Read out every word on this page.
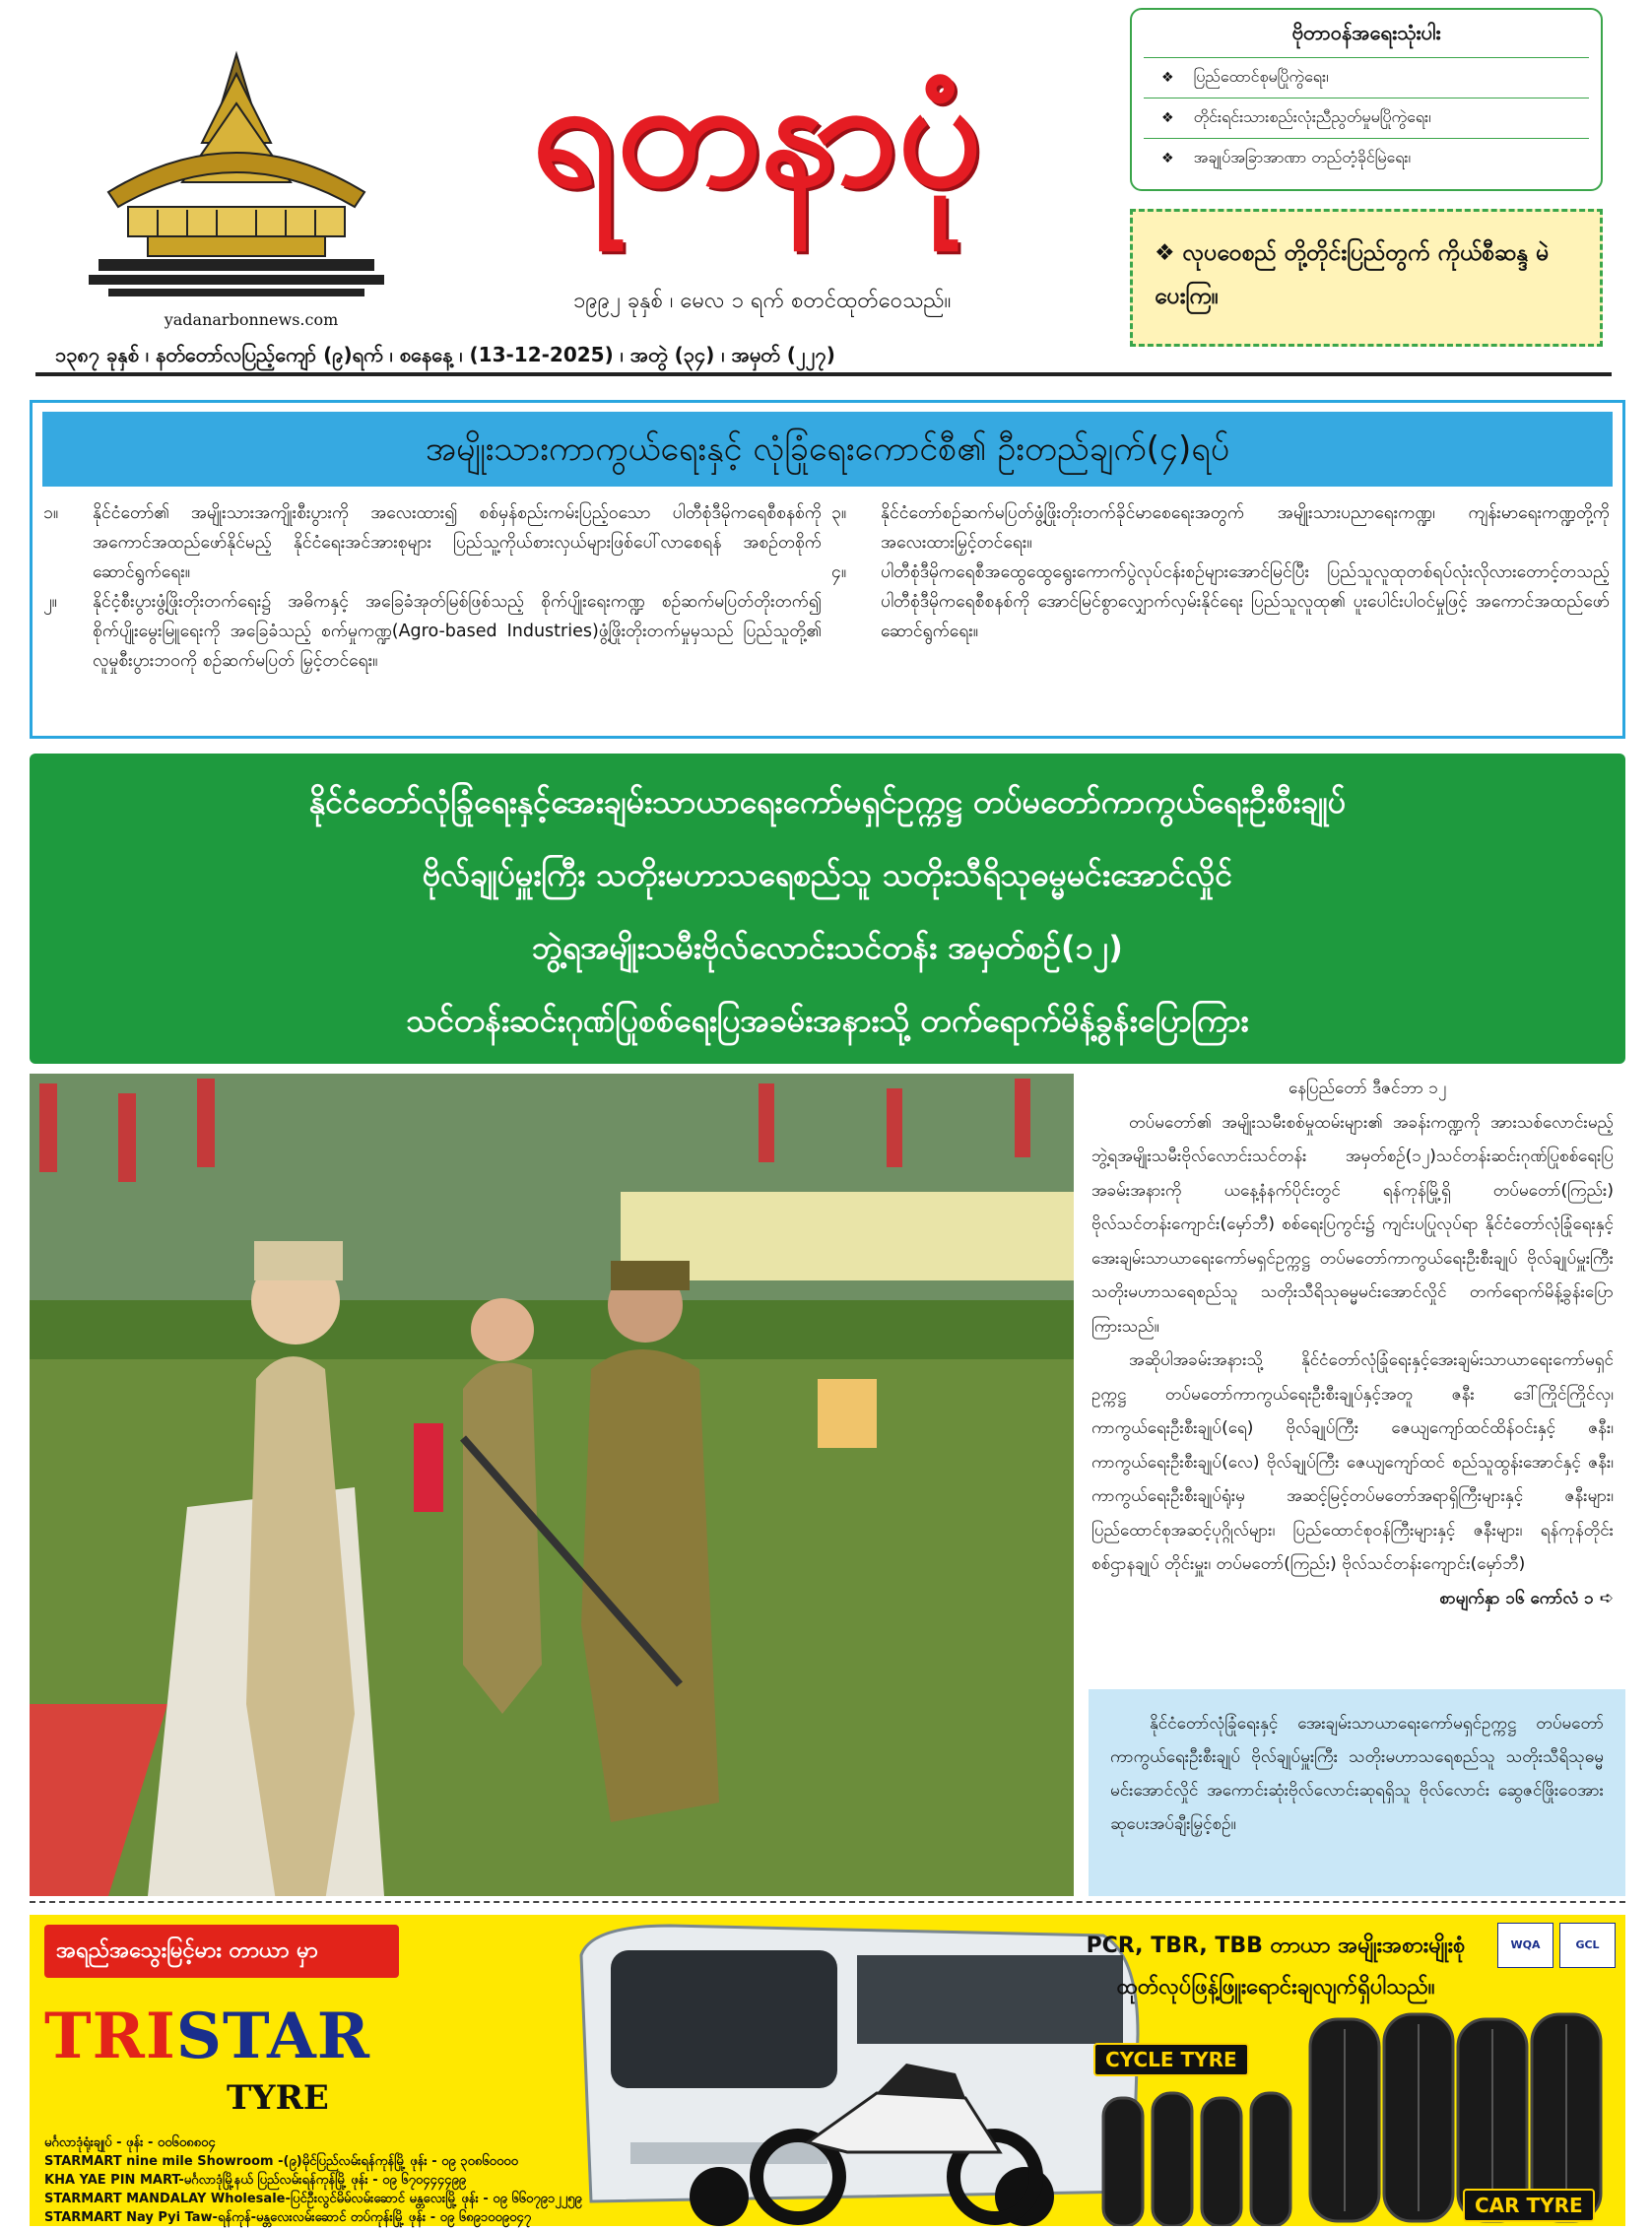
yadanarbonnews.com
ရတနာပုံ
၁၉၉၂ ခုနှစ် ၊ မေလ ၁ ရက် စတင်ထုတ်ဝေသည်။
ဗိုတာဝန်အရေးသုံးပါး
❖ ပြည်ထောင်စုမပြိုကွဲရေး၊
❖ တိုင်းရင်းသားစည်းလုံးညီညွတ်မှုမပြိုကွဲရေး၊
❖ အချုပ်အခြာအာဏာ တည်တံ့ခိုင်မြဲရေး၊
❖ လုပဝေစည် တို့တိုင်းပြည်တွက် ကိုယ်စီဆန္ဒ မဲပေးကြ။
၁၃၈၇ ခုနှစ် ၊ နတ်တော်လပြည့်ကျော် (၉)ရက် ၊ စနေနေ့ ၊ (13-12-2025) ၊ အတွဲ (၃၄) ၊ အမှတ် (၂၂၇)
အမျိုးသားကာကွယ်ရေးနှင့် လုံခြုံရေးကောင်စီ၏ ဦးတည်ချက်(၄)ရပ်
၁။	နိုင်ငံတော်၏ အမျိုးသားအကျိုးစီးပွားကို အလေးထား၍ စစ်မှန်စည်းကမ်းပြည့်ဝသော ပါတီစုံဒီမိုကရေစီစနစ်ကို အကောင်အထည်ဖော်နိုင်မည့် နိုင်ငံရေးအင်အားစုများ ပြည်သူ့ကိုယ်စားလှယ်များဖြစ်ပေါ်လာစေရန် အစဉ်တစိုက်ဆောင်ရွက်ရေး။
၂။	နိုင်ငံ့စီးပွားဖွံ့ဖြိုးတိုးတက်ရေး၌ အဓိကနှင့် အခြေခံအုတ်မြစ်ဖြစ်သည့် စိုက်ပျိုးရေးကဏ္ဍ စဉ်ဆက်မပြတ်တိုးတက်၍ စိုက်ပျိုးမွေးမြူရေးကို အခြေခံသည့် စက်မှုကဏ္ဍ(Agro-based Industries)ဖွံ့ဖြိုးတိုးတက်မှုမှသည် ပြည်သူတို့၏ လူမှုစီးပွားဘဝကို စဉ်ဆက်မပြတ် မြှင့်တင်ရေး။
၃။	နိုင်ငံတော်စဉ်ဆက်မပြတ်ဖွံ့ဖြိုးတိုးတက်ခိုင်မာစေရေးအတွက် အမျိုးသားပညာရေးကဏ္ဍ၊ ကျန်းမာရေးကဏ္ဍတို့ကို အလေးထားမြှင့်တင်ရေး။
၄။	ပါတီစုံဒီမိုကရေစီအထွေထွေရွေးကောက်ပွဲလုပ်ငန်းစဉ်များအောင်မြင်ပြီး ပြည်သူလူထုတစ်ရပ်လုံးလိုလားတောင့်တသည့် ပါတီစုံဒီမိုကရေစီစနစ်ကို အောင်မြင်စွာလျှောက်လှမ်းနိုင်ရေး ပြည်သူလူထု၏ ပူးပေါင်းပါဝင်မှုဖြင့် အကောင်အထည်ဖော်ဆောင်ရွက်ရေး။
နိုင်ငံတော်လုံခြုံရေးနှင့်အေးချမ်းသာယာရေးကော်မရှင်ဥက္ကဋ္ဌ တပ်မတော်ကာကွယ်ရေးဦးစီးချုပ်
ဗိုလ်ချုပ်မှူးကြီး သတိုးမဟာသရေစည်သူ သတိုးသီရိသုဓမ္မမင်းအောင်လှိုင်
ဘွဲ့ရအမျိုးသမီးဗိုလ်လောင်းသင်တန်း အမှတ်စဉ်(၁၂)
သင်တန်းဆင်းဂုဏ်ပြုစစ်ရေးပြအခမ်းအနားသို့ တက်ရောက်မိန့်ခွန်းပြောကြား

နေပြည်တော် ဒီဇင်ဘာ ၁၂

တပ်မတော်၏ အမျိုးသမီးစစ်မှုထမ်းများ၏ အခန်းကဏ္ဍကို အားသစ်လောင်းမည့် ဘွဲ့ရအမျိုးသမီးဗိုလ်လောင်းသင်တန်း အမှတ်စဉ်(၁၂)သင်တန်းဆင်းဂုဏ်ပြုစစ်ရေးပြအခမ်းအနားကို ယနေ့နံနက်ပိုင်းတွင် ရန်ကုန်မြို့ရှိ တပ်မတော်(ကြည်း) ဗိုလ်သင်တန်းကျောင်း(မှော်ဘီ) စစ်ရေးပြကွင်း၌ ကျင်းပပြုလုပ်ရာ နိုင်ငံတော်လုံခြုံရေးနှင့် အေးချမ်းသာယာရေးကော်မရှင်ဥက္ကဋ္ဌ တပ်မတော်ကာကွယ်ရေးဦးစီးချုပ် ဗိုလ်ချုပ်မှူးကြီး သတိုးမဟာသရေစည်သူ သတိုးသီရိသုဓမ္မမင်းအောင်လှိုင် တက်ရောက်မိန့်ခွန်းပြောကြားသည်။

အဆိုပါအခမ်းအနားသို့ နိုင်ငံတော်လုံခြုံရေးနှင့်အေးချမ်းသာယာရေးကော်မရှင်ဥက္ကဋ္ဌ တပ်မတော်ကာကွယ်ရေးဦးစီးချုပ်နှင့်အတူ ဇနီး ဒေါ်ကြိုင်ကြိုင်လှ၊ ကာကွယ်ရေးဦးစီးချုပ်(ရေ) ဗိုလ်ချုပ်ကြီး ဇေယျကျော်ထင်ထိန်ဝင်းနှင့် ဇနီး၊ ကာကွယ်ရေးဦးစီးချုပ်(လေ) ဗိုလ်ချုပ်ကြီး ဇေယျကျော်ထင် စည်သူထွန်းအောင်နှင့် ဇနီး၊ ကာကွယ်ရေးဦးစီးချုပ်ရုံးမှ အဆင့်မြင့်တပ်မတော်အရာရှိကြီးများနှင့် ဇနီးများ၊ ပြည်ထောင်စုအဆင့်ပုဂ္ဂိုလ်များ၊ ပြည်ထောင်စုဝန်ကြီးများနှင့် ဇနီးများ၊ ရန်ကုန်တိုင်းစစ်ဌာနချုပ် တိုင်းမှူး၊ တပ်မတော်(ကြည်း) ဗိုလ်သင်တန်းကျောင်း(မှော်ဘီ)

စာမျက်နှာ ၁၆ ကော်လံ ၁ ➪

နိုင်ငံတော်လုံခြုံရေးနှင့် အေးချမ်းသာယာရေးကော်မရှင်ဥက္ကဋ္ဌ တပ်မတော်ကာကွယ်ရေးဦးစီးချုပ် ဗိုလ်ချုပ်မှူးကြီး သတိုးမဟာသရေစည်သူ သတိုးသီရိသုဓမ္မမင်းအောင်လှိုင် အကောင်းဆုံးဗိုလ်လောင်းဆုရရှိသူ ဗိုလ်လောင်း ဆွေဇင်ဖြိုးဝေအား ဆုပေးအပ်ချီးမြှင့်စဉ်။
အရည်အသွေးမြင့်မား တာယာ မှာ
TRISTAR
TYRE
မင်္ဂလာဒုံရုံးချုပ် - ဖုန်း - ၀၀၆၀၈၈၀၄
STARMART nine mile Showroom -(၉)မိုင်ပြည်လမ်းရန်ကုန်မြို့ ဖုန်း - ၀၉ ၃၀၈၆၀၀၀၀
KHA YAE PIN MART-မင်္ဂလာဒုံမြို့နယ် ပြည်လမ်းရန်ကုန်မြို့ ဖုန်း - ၀၉ ၆၇၀၄၄၄၄၉၉
STARMART MANDALAY Wholesale-ပြင်ဦးလွင်မိမ်လမ်းဆောင် မန္တလေးမြို့ ဖုန်း - ၀၉ ၆၆၀၇၉၁၂၂၅၉
STARMART Nay Pyi Taw-ရန်ကုန်-မန္တလေးလမ်းဆောင် တပ်ကုန်းမြို့ ဖုန်း - ၀၉ ၆၈၉၁၀၀၉၀၄၇
PCR, TBR, TBB တာယာ အမျိုးအစားမျိုးစုံ
ထုတ်လုပ်ဖြန့်ဖြူးရောင်းချလျက်ရှိပါသည်။
WQA	GCL
CYCLE TYRE
CAR TYRE
